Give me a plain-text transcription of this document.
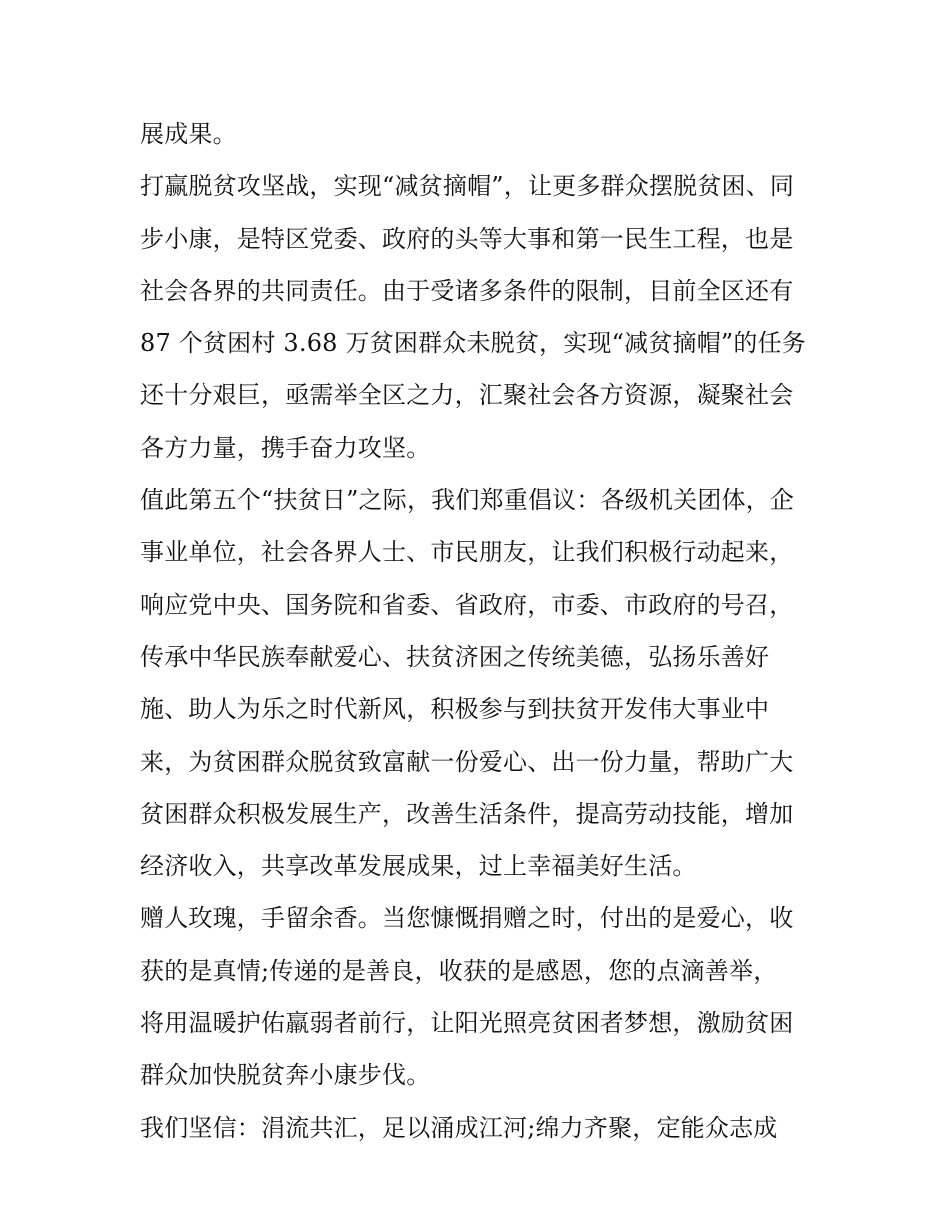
展成果。
打赢脱贫攻坚战，实现“减贫摘帽”，让更多群众摆脱贫困、同
步小康，是特区党委、政府的头等大事和第一民生工程，也是
社会各界的共同责任。由于受诸多条件的限制，目前全区还有
87 个贫困村 3.68 万贫困群众未脱贫，实现“减贫摘帽”的任务
还十分艰巨，亟需举全区之力，汇聚社会各方资源，凝聚社会
各方力量，携手奋力攻坚。
值此第五个“扶贫日”之际，我们郑重倡议：各级机关团体，企
事业单位，社会各界人士、市民朋友，让我们积极行动起来，
响应党中央、国务院和省委、省政府，市委、市政府的号召，
传承中华民族奉献爱心、扶贫济困之传统美德，弘扬乐善好
施、助人为乐之时代新风，积极参与到扶贫开发伟大事业中
来，为贫困群众脱贫致富献一份爱心、出一份力量，帮助广大
贫困群众积极发展生产，改善生活条件，提高劳动技能，增加
经济收入，共享改革发展成果，过上幸福美好生活。
赠人玫瑰，手留余香。当您慷慨捐赠之时，付出的是爱心，收
获的是真情;传递的是善良，收获的是感恩，您的点滴善举，
将用温暖护佑羸弱者前行，让阳光照亮贫困者梦想，激励贫困
群众加快脱贫奔小康步伐。
我们坚信：涓流共汇，足以涌成江河;绵力齐聚，定能众志成
